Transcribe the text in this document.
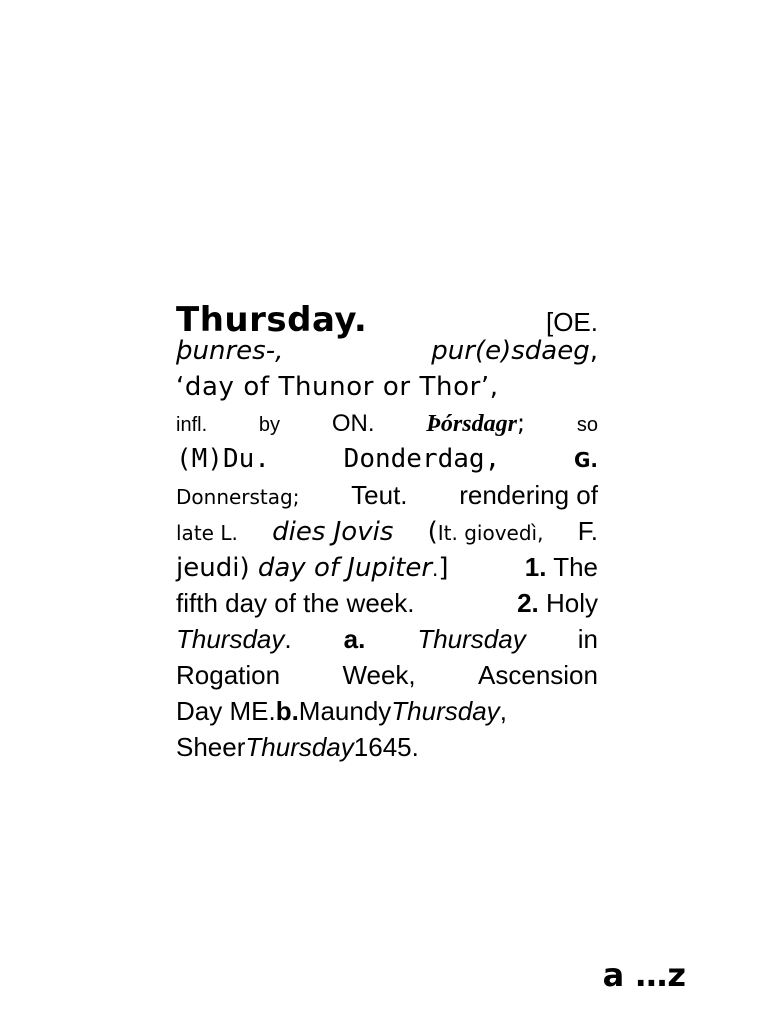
Thursday.	[OE.
þunres-,	pur(e)sdaeg,
‘day of Thunor or Thor’,
infl.	by ON. Þórsdagr;	so
(M)Du.	Donderdag,	G.
Donnerstag; Teut. rendering of
late L. dies Jovis (It. giovedì, F.
jeudi) day of Jupiter.]	1. The
fifth day of the week.	2. Holy
Thursday. a. Thursday in
Rogation Week, Ascension
Day ME. b. Maundy Thursday ,
Sheer Thursday 1645.
a …z
